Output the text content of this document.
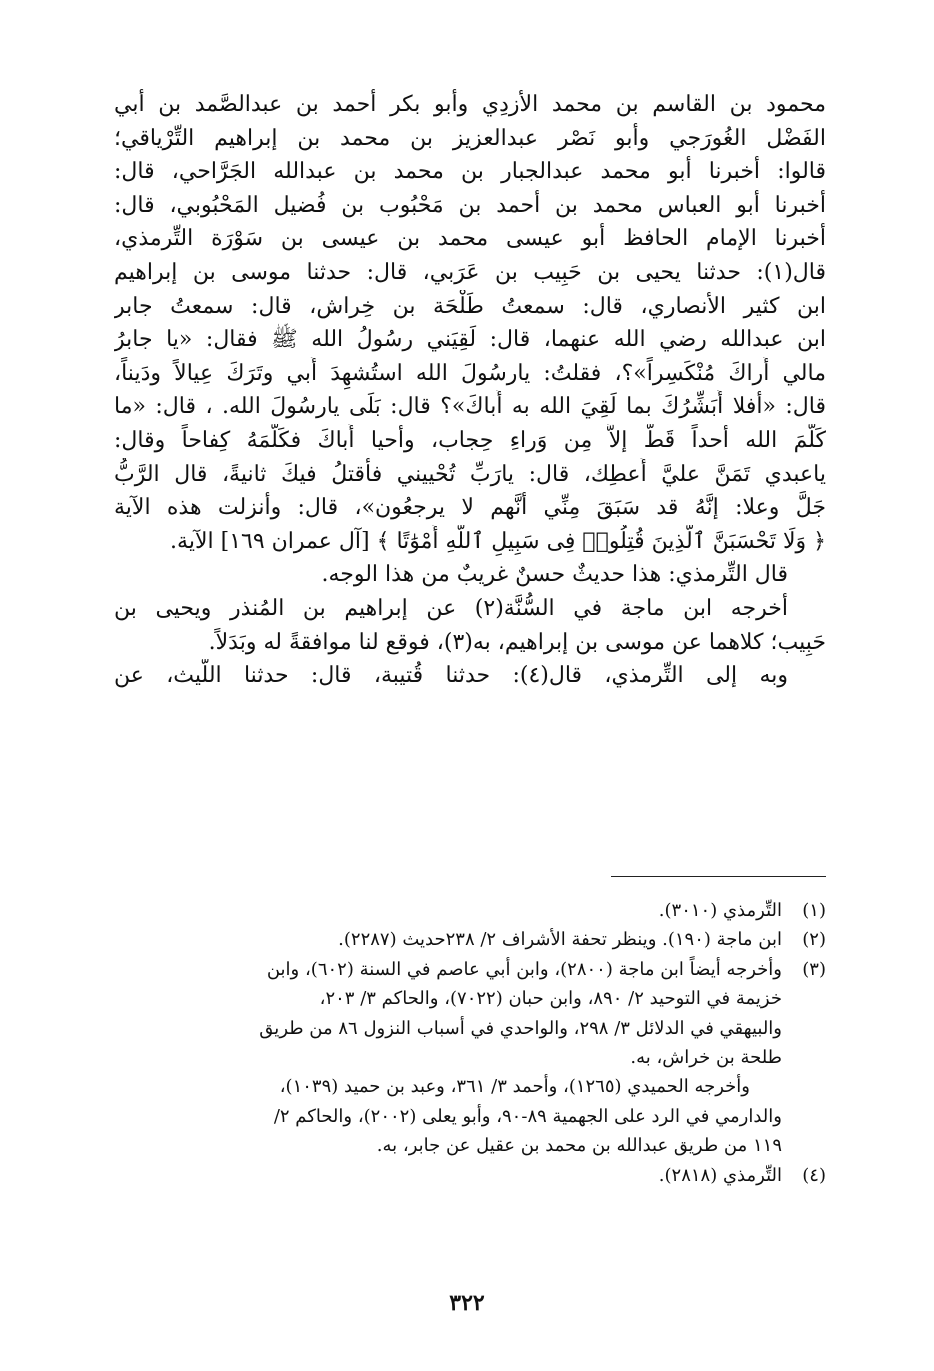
محمود بن القاسم بن محمد الأزدِي وأبو بكر أحمد بن عبدالصَّمد بن أبي
الفَضْل الغُورَجي وأبو نَصْر عبدالعزيز بن محمد بن إبراهيم التِّرْياقي؛
قالوا: أخبرنا أبو محمد عبدالجبار بن محمد بن عبدالله الجَرَّاحي، قال:
أخبرنا أبو العباس محمد بن أحمد بن مَحْبُوب بن فُضيل المَحْبُوبي، قال:
أخبرنا الإمام الحافظ أبو عيسى محمد بن عيسى بن سَوْرَة التِّرمذي،
قال(١): حدثنا يحيى بن حَبِيب بن عَرَبي، قال: حدثنا موسى بن إبراهيم
ابن كثير الأنصاري، قال: سمعتُ طَلْحَة بن خِراش، قال: سمعتُ جابر
ابن عبدالله رضي الله عنهما، قال: لَقِيَني رسُولُ الله ﷺ فقال: «يا جابرُ
مالي أَراكَ مُنْكَسِراً»؟، فقلتُ: يارسُولَ الله استُشهِدَ أَبي وتَرَكَ عِيالاً ودَيناً،
قال: «أفلا أُبَشِّرُكَ بما لَقِيَ الله به أَباكَ»؟ قال: بَلَى يارسُولَ الله. ، قال: «ما
كَلَّمَ الله أحداً قَطُّ إلاَّ مِن وَراءِ حِجاب، وأحيا أَباكَ فكَلَّمَهُ كِفاحاً وقال:
ياعبدي تَمَنَّ عليَّ أُعطِك، قال: يارَبِّ تُحْييني فأُقتلُ فيكَ ثانيةً، قال الرَّبُّ
جَلَّ وعلا: إنَّهُ قد سَبَقَ مِنِّي أنَّهم لا يرجعُون»، قال: وأنزلت هذه الآية
﴿ وَلَا تَحْسَبَنَّ ٱلَّذِينَ قُتِلُوا۟ فِى سَبِيلِ ٱللَّهِ أَمْوَٰتًا ﴾ [آل عمران ١٦٩] الآية.
قال التِّرمذي: هذا حديثٌ حسنٌ غريبٌ من هذا الوجه.
أخرجه ابن ماجة في السُّنَّة(٢) عن إبراهيم بن المُنذر ويحيى بن
حَبِيب؛ كلاهما عن موسى بن إبراهيم، به(٣)، فوقع لنا موافقةً له وبَدَلاً.
وبه إلى التِّرمذي، قال(٤): حدثنا قُتيبة، قال: حدثنا اللَّيث، عن
(١)
التِّرمذي (٣٠١٠).
(٢)
ابن ماجة (١٩٠). وينظر تحفة الأشراف ٢/ ٢٣٨حديث (٢٢٨٧).
(٣)
وأخرجه أيضاً ابن ماجة (٢٨٠٠)، وابن أبي عاصم في السنة (٦٠٢)، وابن
خزيمة في التوحيد ٢/ ٨٩٠، وابن حبان (٧٠٢٢)، والحاكم ٣/ ٢٠٣،
والبيهقي في الدلائل ٣/ ٢٩٨، والواحدي في أسباب النزول ٨٦ من طريق
طلحة بن خراش، به.
وأخرجه الحميدي (١٢٦٥)، وأحمد ٣/ ٣٦١، وعبد بن حميد (١٠٣٩)،
والدارمي في الرد على الجهمية ٨٩-٩٠، وأبو يعلى (٢٠٠٢)، والحاكم ٢/
١١٩ من طريق عبدالله بن محمد بن عقيل عن جابر، به.
(٤)
التِّرمذي (٢٨١٨).
٣٢٢
